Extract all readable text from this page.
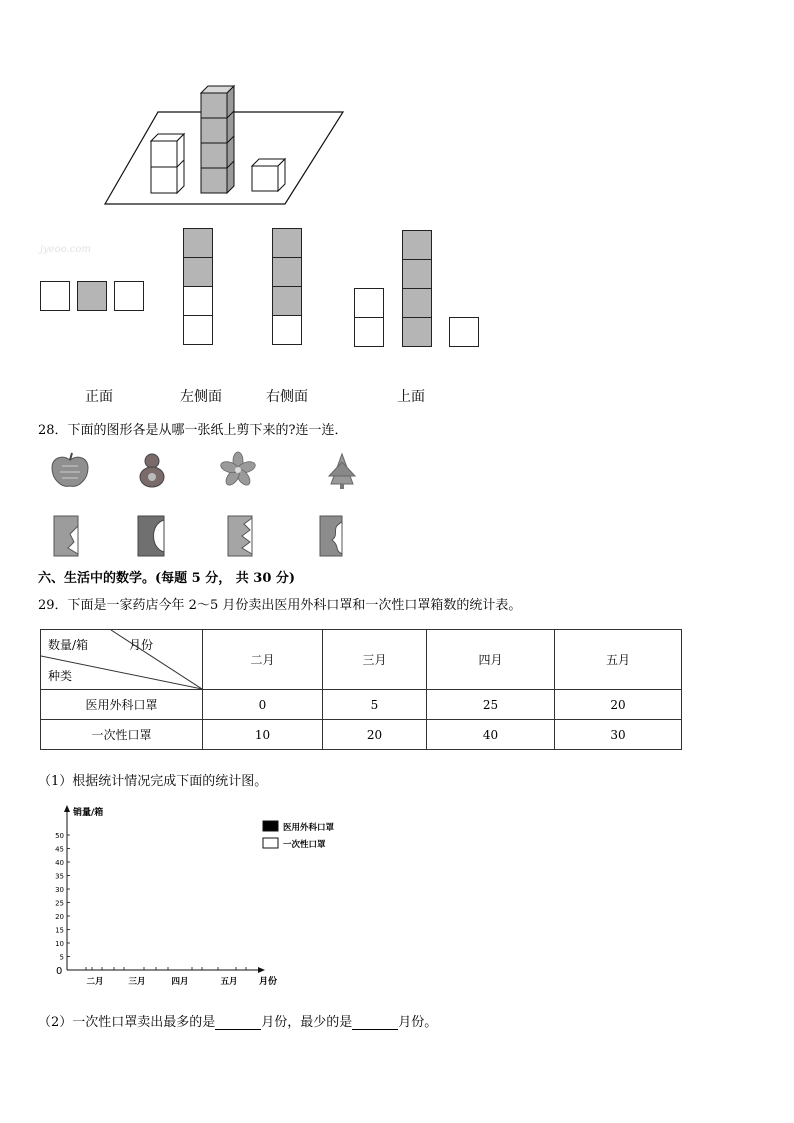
jyeoo.com
正面	左侧面	右侧面	上面
28．下面的图形各是从哪一张纸上剪下来的?连一连．
六、生活中的数学。(每题 5 分， 共 30 分)
29．下面是一家药店今年 2～5 月份卖出医用外科口罩和一次性口罩箱数的统计表。
数量/箱 月份
种类	二月	三月	四月	五月
医用外科口罩	0	5	25	20
一次性口罩	10	20	40	30
（1）根据统计情况完成下面的统计图。
销量/箱
月份
0
5
10
15
20
25
30
35
40
45
50
二月	三月	四月	五月
医用外科口罩
一次性口罩
（2）一次性口罩卖出最多的是	月份，最少的是	月份。
